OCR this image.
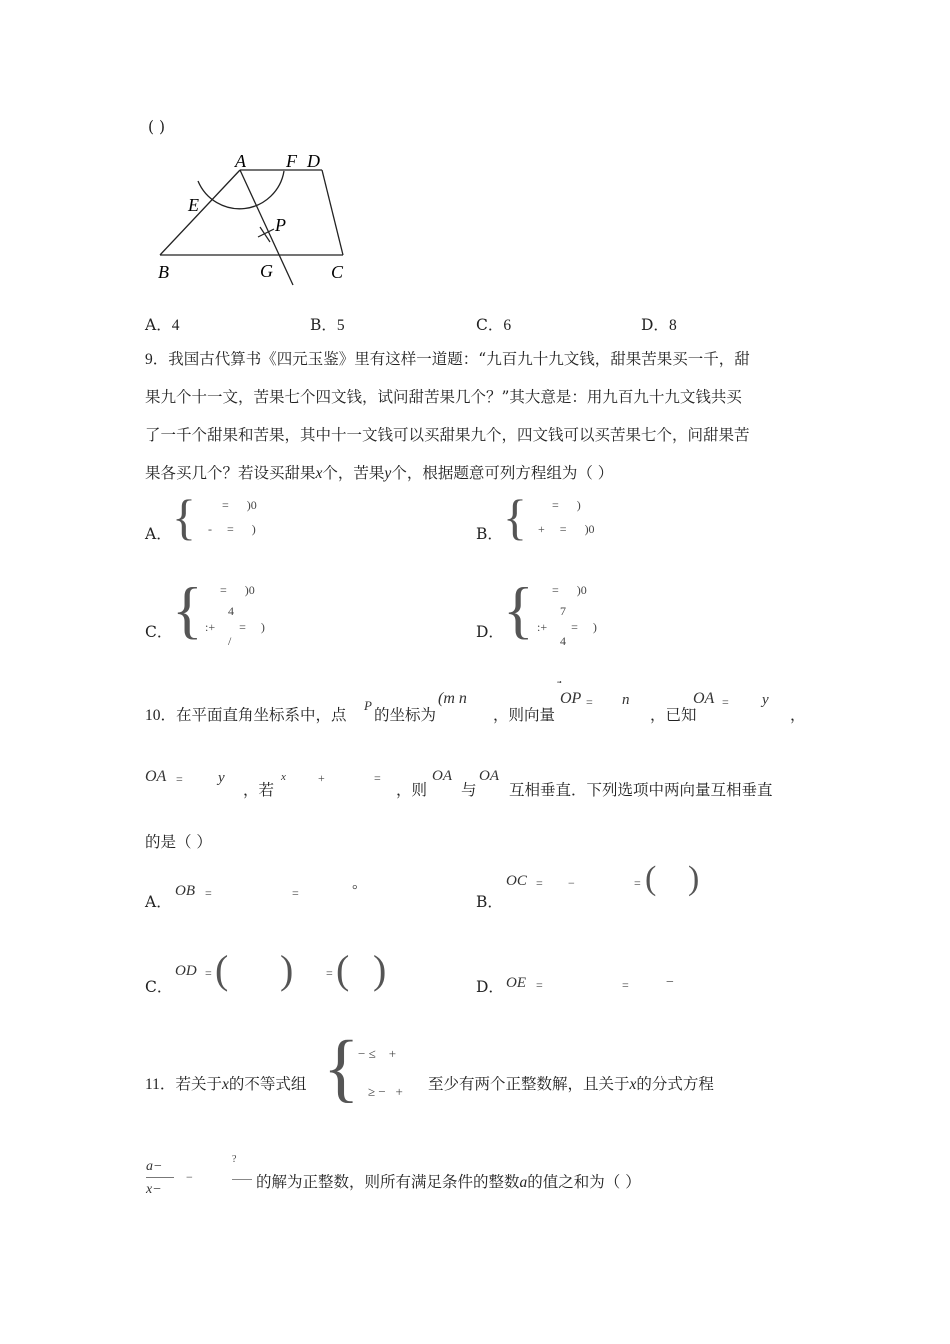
( )
A F D
E
P
B	G	C
A．4	B．5	C．6	D．8
9．我国古代算书《四元玉鉴》里有这样一道题：“九百九十九文钱，甜果苦果买一千，甜
果九个十一文，苦果七个四文钱，试问甜苦果几个？”其大意是：用九百九十九文钱共买
了一千个甜果和苦果，其中十一文钱可以买甜果九个，四文钱可以买苦果七个，问甜果苦
果各买几个？若设买甜果x个，苦果y个，根据题意可列方程组为（ ）
A． { = )0
- = )	B． { = )
+ = )0
C． { = )0
4
:+ = )
/	D． { = )0
7
:+ = )
4
10．在平面直角坐标系中，点
P
的坐标为
(m n
，则向量
OP = n
，已知
OA = y
，
OA = y
，若
x	+	=
，则
OA
与
OA
互相垂直．下列选项中两向量互相垂直
的是（ ）
A．
OB =	=	°
B．
OC = −	= ( )
C．
OD = ( )	= ( )	D． OE =	=	−
11．若关于x的不等式组 {
− ≤ +
≥ − + 至少有两个正整数解，且关于x的分式方程
a−
x−
−
?
的解为正整数，则所有满足条件的整数a的值之和为（ ）
